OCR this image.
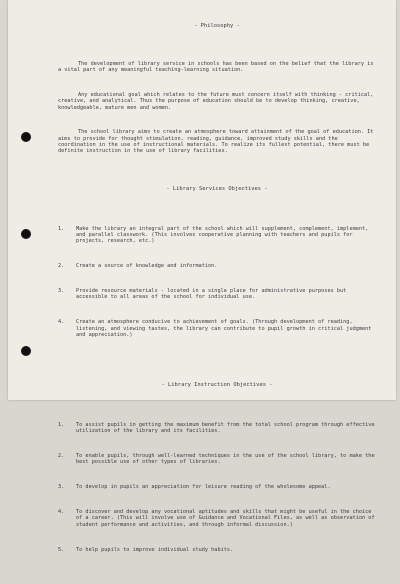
- Philosophy -

The development of library service in schools has been based on the belief that the library is a vital part of any meaningful teaching-learning situation.

Any educational goal which relates to the future must concern itself with thinking - critical, creative, and analytical. Thus the purpose of education should be to develop thinking, creative, knowledgeable, mature men and women.

The school library aims to create an atmosphere toward attainment of the goal of education. It aims to provide for thought stimulation, reading, guidance, improved study skills and the coordination in the use of instructional materials. To realize its fullest potential, there must be definite instruction in the use of library facilities.

- Library Services Objectives -

1.	Make the library an integral part of the school which will supplement, complement, implement, and parallel classwork. (This involves cooperative planning with teachers and pupils for projects, research, etc.)

2.	Create a source of knowledge and information.

3.	Provide resource materials - located in a single place for administrative purposes but accessible to all areas of the school for individual use.

4.	Create an atmosphere conducive to achievement of goals. (Through development of reading, listening, and viewing tastes, the library can contribute to pupil growth in critical judgment and appreciation.)

- Library Instruction Objectives -

1.	To assist pupils in getting the maximum benefit from the total school program through effective utilization of the library and its facilities.

2.	To enable pupils, through well-learned techniques in the use of the school library, to make the best possible use of other types of libraries.

3.	To develop in pupils an appreciation for leisure reading of the wholesome appeal.

4.	To discover and develop any vocational aptitudes and skills that might be useful in the choice of a career. (This will involve use of Guidance and Vocational Files, as well as observation of student performance and activities, and through informal discussion.)

5.	To help pupils to improve individual study habits.
